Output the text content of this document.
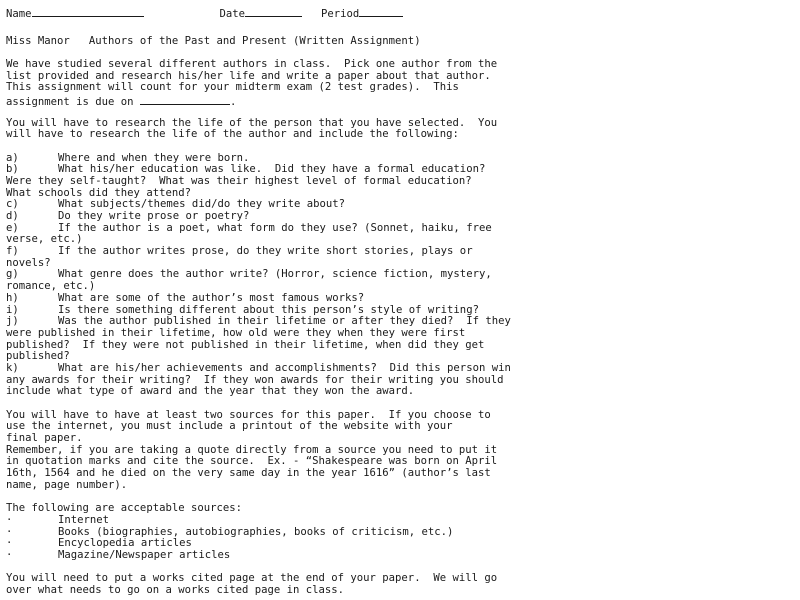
Name	Date	Period
Miss Manor   Authors of the Past and Present (Written Assignment)
We have studied several different authors in class.  Pick one author from the
list provided and research his/her life and write a paper about that author.
This assignment will count for your midterm exam (2 test grades).  This
assignment is due on	.
You will have to research the life of the person that you have selected.  You
will have to research the life of the author and include the following:
a)	Where and when they were born.
b)	What his/her education was like.  Did they have a formal education?
Were they self-taught?  What was their highest level of formal education?
What schools did they attend?
c)	What subjects/themes did/do they write about?
d)	Do they write prose or poetry?
e)	If the author is a poet, what form do they use? (Sonnet, haiku, free
verse, etc.)
f)	If the author writes prose, do they write short stories, plays or
novels?
g)	What genre does the author write? (Horror, science fiction, mystery,
romance, etc.)
h)	What are some of the author’s most famous works?
i)	Is there something different about this person’s style of writing?
j)	Was the author published in their lifetime or after they died?  If they
were published in their lifetime, how old were they when they were first
published?  If they were not published in their lifetime, when did they get
published?
k)	What are his/her achievements and accomplishments?  Did this person win
any awards for their writing?  If they won awards for their writing you should
include what type of award and the year that they won the award.
You will have to have at least two sources for this paper.  If you choose to
use the internet, you must include a printout of the website with your
final paper.
Remember, if you are taking a quote directly from a source you need to put it
in quotation marks and cite the source.  Ex. - “Shakespeare was born on April
16th, 1564 and he died on the very same day in the year 1616” (author’s last
name, page number).
The following are acceptable sources:
·	Internet
·	Books (biographies, autobiographies, books of criticism, etc.)
·	Encyclopedia articles
·	Magazine/Newspaper articles
You will need to put a works cited page at the end of your paper.  We will go
over what needs to go on a works cited page in class.
